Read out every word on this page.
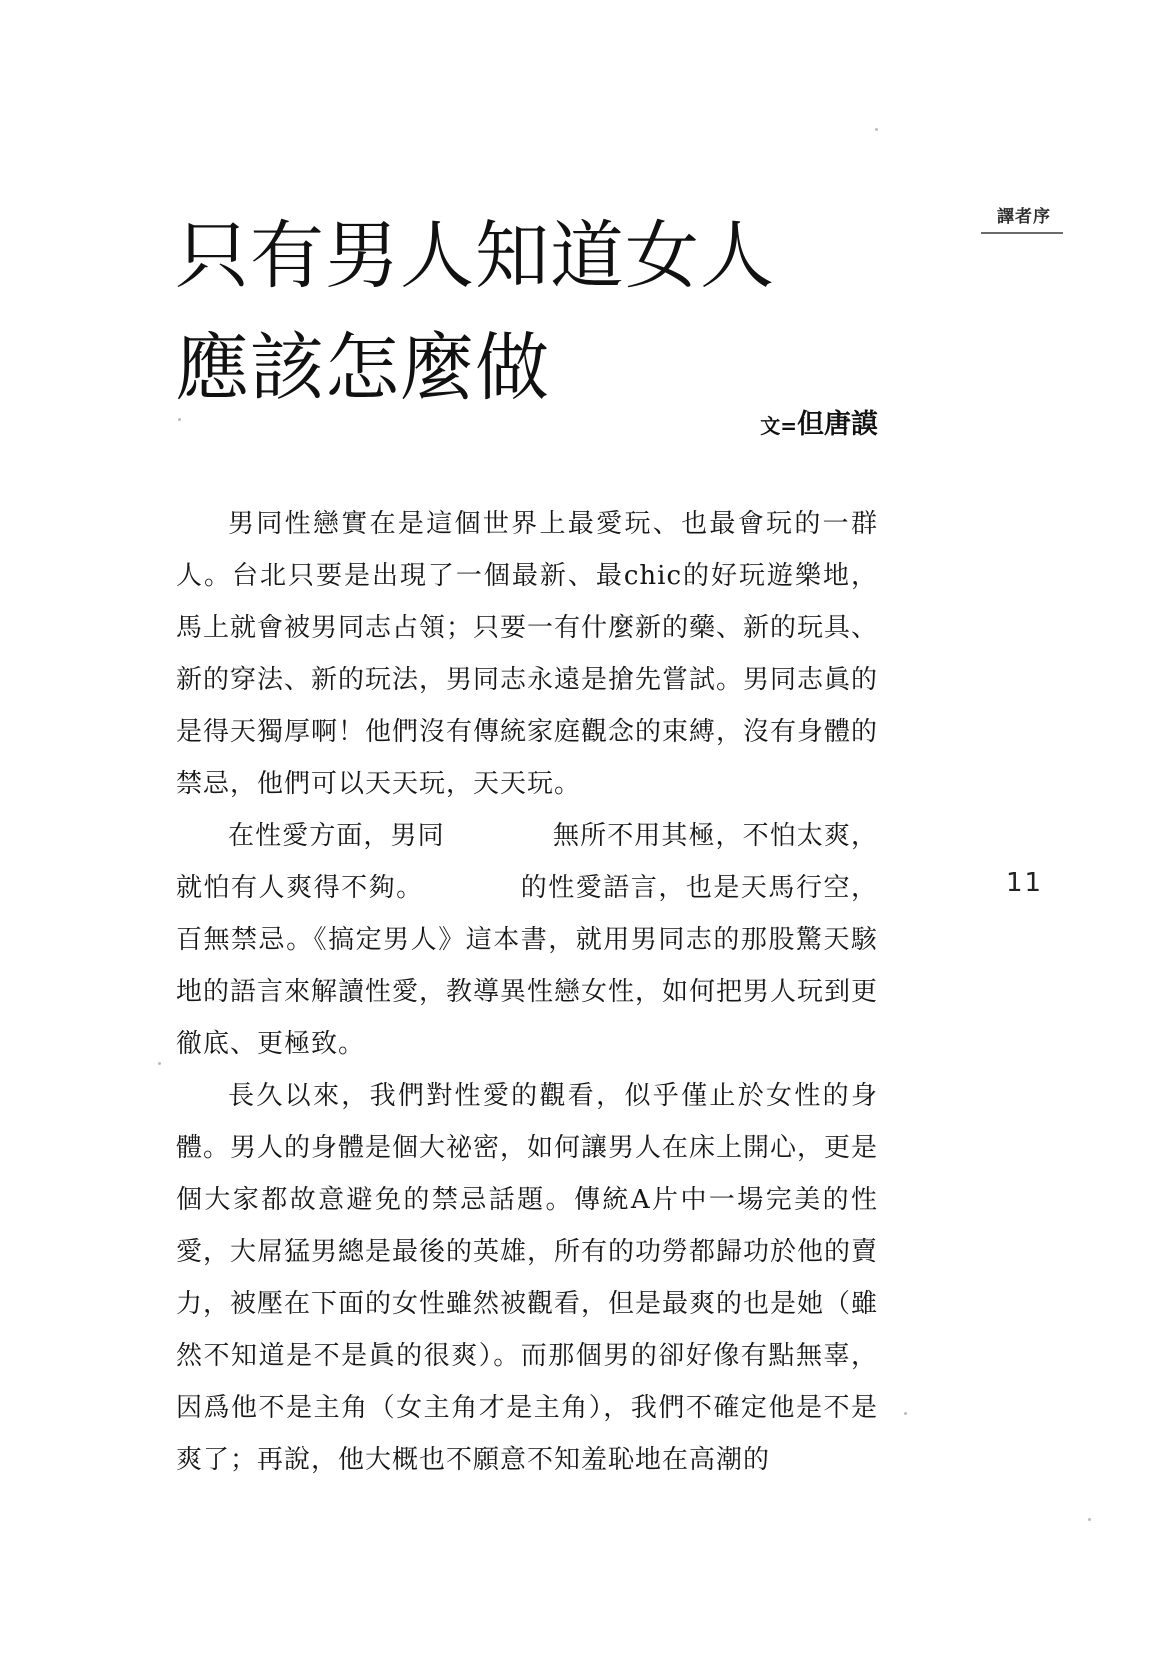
譯者序
只有男人知道女人
應該怎麼做
文=但唐謨

男同性戀實在是這個世界上最愛玩、也最會玩的一群人。台北只要是出現了一個最新、最chic的好玩遊樂地，馬上就會被男同志占領；只要一有什麼新的藥、新的玩具、新的穿法、新的玩法，男同志永遠是搶先嘗試。男同志眞的是得天獨厚啊！他們沒有傳統家庭觀念的束縛，沒有身體的禁忌，他們可以天天玩，天天玩。

在性愛方面，男同　　　　無所不用其極，不怕太爽，就怕有人爽得不夠。　　　　的性愛語言，也是天馬行空，百無禁忌。《搞定男人》這本書，就用男同志的那股驚天駭地的語言來解讀性愛，教導異性戀女性，如何把男人玩到更徹底、更極致。

長久以來，我們對性愛的觀看，似乎僅止於女性的身體。男人的身體是個大祕密，如何讓男人在床上開心，更是個大家都故意避免的禁忌話題。傳統A片中一場完美的性愛，大屌猛男總是最後的英雄，所有的功勞都歸功於他的賣力，被壓在下面的女性雖然被觀看，但是最爽的也是她（雖然不知道是不是眞的很爽）。而那個男的卻好像有點無辜，因爲他不是主角（女主角才是主角），我們不確定他是不是爽了；再說，他大概也不願意不知羞恥地在高潮的

11
